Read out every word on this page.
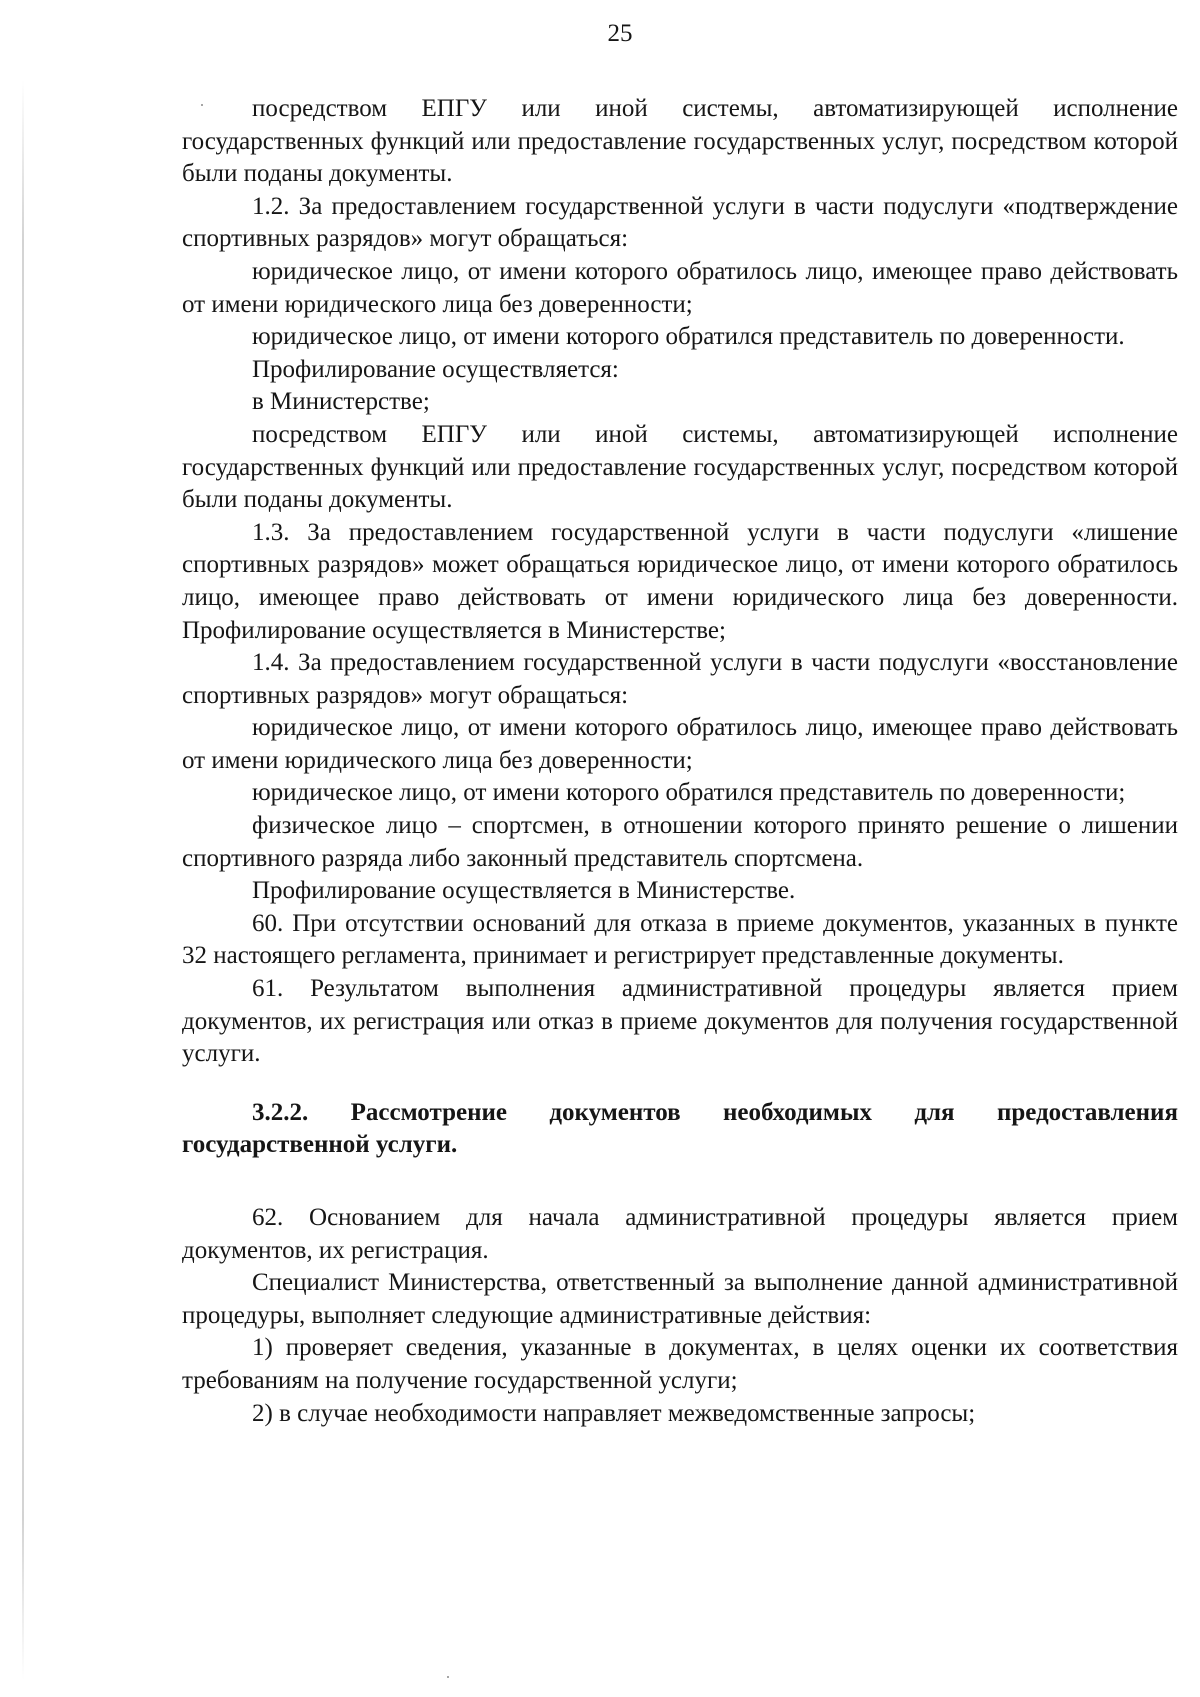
25

посредством ЕПГУ или иной системы, автоматизирующей исполнение государственных функций или предоставление государственных услуг, посредством которой были поданы документы.

1.2. За предоставлением государственной услуги в части подуслуги «подтверждение спортивных разрядов» могут обращаться:

юридическое лицо, от имени которого обратилось лицо, имеющее право действовать от имени юридического лица без доверенности;

юридическое лицо, от имени которого обратился представитель по доверенности.

Профилирование осуществляется:

в Министерстве;

посредством ЕПГУ или иной системы, автоматизирующей исполнение государственных функций или предоставление государственных услуг, посредством которой были поданы документы.

1.3. За предоставлением государственной услуги в части подуслуги «лишение спортивных разрядов» может обращаться юридическое лицо, от имени которого обратилось лицо, имеющее право действовать от имени юридического лица без доверенности. Профилирование осуществляется в Министерстве;

1.4. За предоставлением государственной услуги в части подуслуги «восстановление спортивных разрядов» могут обращаться:

юридическое лицо, от имени которого обратилось лицо, имеющее право действовать от имени юридического лица без доверенности;

юридическое лицо, от имени которого обратился представитель по доверенности;

физическое лицо – спортсмен, в отношении которого принято решение о лишении спортивного разряда либо законный представитель спортсмена.

Профилирование осуществляется в Министерстве.

60. При отсутствии оснований для отказа в приеме документов, указанных в пункте 32 настоящего регламента, принимает и регистрирует представленные документы.

61. Результатом выполнения административной процедуры является прием документов, их регистрация или отказ в приеме документов для получения государственной услуги.

3.2.2. Рассмотрение документов необходимых для предоставления государственной услуги.

62. Основанием для начала административной процедуры является прием документов, их регистрация.

Специалист Министерства, ответственный за выполнение данной административной процедуры, выполняет следующие административные действия:

1) проверяет сведения, указанные в документах, в целях оценки их соответствия требованиям на получение государственной услуги;

2) в случае необходимости направляет межведомственные запросы;
